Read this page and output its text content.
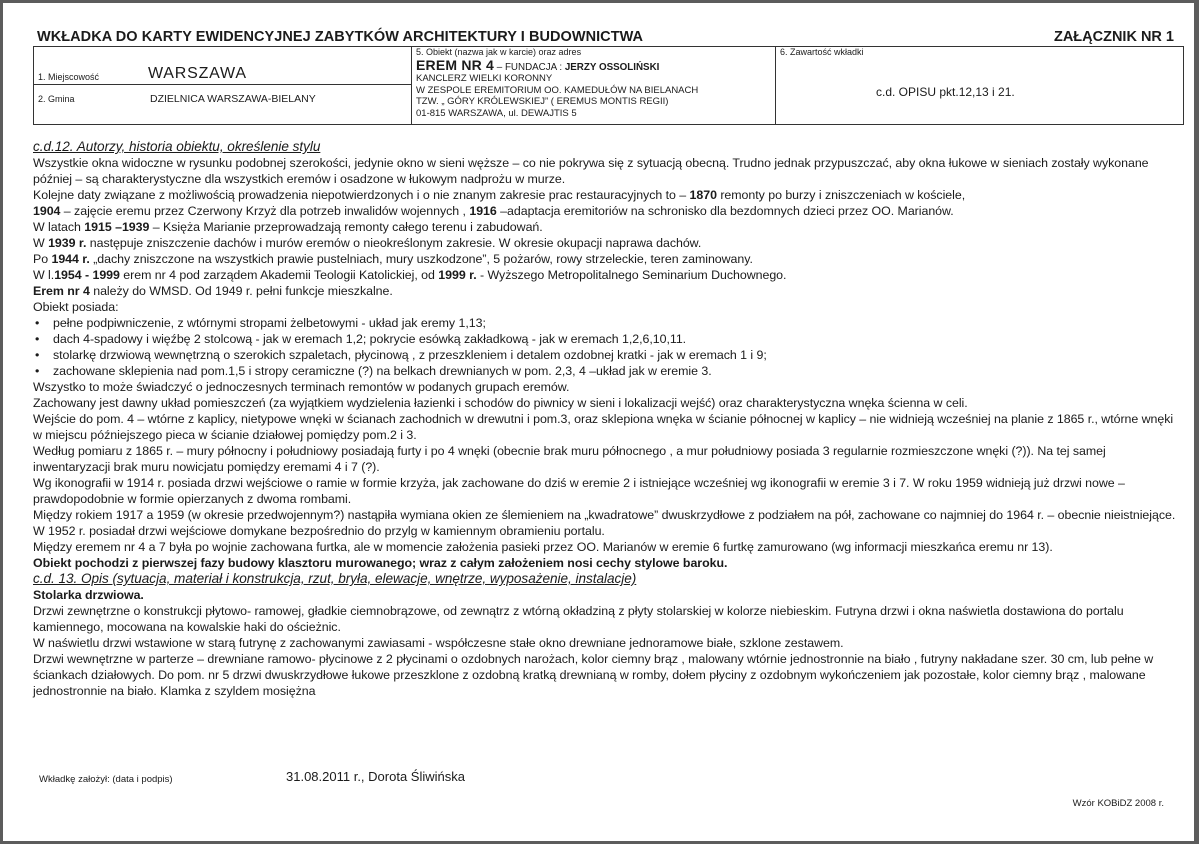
WKŁADKA DO KARTY EWIDENCYJNEJ ZABYTKÓW ARCHITEKTURY I BUDOWNICTWA	ZAŁĄCZNIK NR 1
1. Miejscowość	WARSZAWA

5. Obiekt (nazwa jak w karcie) oraz adres
EREM NR 4 – FUNDACJA : JERZY OSSOLIŃSKI
KANCLERZ WIELKI KORONNY
W ZESPOLE EREMITORIUM OO. KAMEDUŁÓW NA BIELANACH
TZW. „ GÓRY KRÓLEWSKIEJ” ( EREMUS MONTIS REGII)
01-815 WARSZAWA, ul. DEWAJTIS 5

6. Zawartość wkładki
c.d. OPISU pkt.12,13 i 21.

2. Gmina	DZIELNICA WARSZAWA-BIELANY

c.d.12. Autorzy, historia obiektu, określenie stylu

Wszystkie okna widoczne w rysunku podobnej szerokości, jedynie okno w sieni węższe – co nie pokrywa się z sytuacją obecną. Trudno jednak przypuszczać, aby okna łukowe w sieniach zostały wykonane później – są charakterystyczne dla wszystkich eremów i osadzone w łukowym nadprożu w murze.

Kolejne daty związane z możliwością prowadzenia niepotwierdzonych i o nie znanym zakresie prac restauracyjnych to – 1870 remonty po burzy i zniszczeniach w kościele,

1904 – zajęcie eremu przez Czerwony Krzyż dla potrzeb inwalidów wojennych , 1916 –adaptacja eremitoriów na schronisko dla bezdomnych dzieci przez OO. Marianów.

W latach 1915 –1939 – Księża Marianie przeprowadzają remonty całego terenu i zabudowań.

W 1939 r. następuje zniszczenie dachów i murów eremów o nieokreślonym zakresie. W okresie okupacji naprawa dachów.

Po 1944 r. „dachy zniszczone na wszystkich prawie pustelniach, mury uszkodzone”, 5 pożarów, rowy strzeleckie, teren zaminowany.

W l.1954 - 1999 erem nr 4 pod zarządem Akademii Teologii Katolickiej, od 1999 r. - Wyższego Metropolitalnego Seminarium Duchownego.

Erem nr 4 należy do WMSD. Od 1949 r. pełni funkcje mieszkalne.

Obiekt posiada:

• pełne podpiwniczenie, z wtórnymi stropami żelbetowymi - układ jak eremy 1,13;
• dach 4-spadowy i więźbę 2 stolcową - jak w eremach 1,2; pokrycie esówką zakładkową - jak w eremach 1,2,6,10,11.
• stolarkę drzwiową wewnętrzną o szerokich szpaletach, płycinową , z przeszkleniem i detalem ozdobnej kratki - jak w eremach 1 i 9;
• zachowane sklepienia nad pom.1,5 i stropy ceramiczne (?) na belkach drewnianych w pom. 2,3, 4 –układ jak w eremie 3.

Wszystko to może świadczyć o jednoczesnych terminach remontów w podanych grupach eremów.

Zachowany jest dawny układ pomieszczeń (za wyjątkiem wydzielenia łazienki i schodów do piwnicy w sieni i lokalizacji wejść) oraz charakterystyczna wnęka ścienna w celi.

Wejście do pom. 4 – wtórne z kaplicy, nietypowe wnęki w ścianach zachodnich w drewutni i pom.3, oraz sklepiona wnęka w ścianie północnej w kaplicy – nie widnieją wcześniej na planie z 1865 r., wtórne wnęki w miejscu późniejszego pieca w ścianie działowej pomiędzy pom.2 i 3.

Według pomiaru z 1865 r. – mury północny i południowy posiadają furty i po 4 wnęki (obecnie brak muru północnego , a mur południowy posiada 3 regularnie rozmieszczone wnęki (?)). Na tej samej inwentaryzacji brak muru nowicjatu pomiędzy eremami 4 i 7 (?).

Wg ikonografii w 1914 r. posiada drzwi wejściowe o ramie w formie krzyża, jak zachowane do dziś w eremie 2 i istniejące wcześniej wg ikonografii w eremie 3 i 7. W roku 1959 widnieją już drzwi nowe – prawdopodobnie w formie opierzanych z dwoma rombami.

Między rokiem 1917 a 1959 (w okresie przedwojennym?) nastąpiła wymiana okien ze ślemieniem na „kwadratowe” dwuskrzydłowe z podziałem na pół, zachowane co najmniej do 1964 r. – obecnie nieistniejące. W 1952 r. posiadał drzwi wejściowe domykane bezpośrednio do przylg w kamiennym obramieniu portalu.

Między eremem nr 4 a 7 była po wojnie zachowana furtka, ale w momencie założenia pasieki przez OO. Marianów w eremie 6 furtkę zamurowano (wg informacji mieszkańca eremu nr 13).

Obiekt pochodzi z pierwszej fazy budowy klasztoru murowanego; wraz z całym założeniem nosi cechy stylowe baroku.

c.d. 13. Opis (sytuacja, materiał i konstrukcja, rzut, bryła, elewacje, wnętrze, wyposażenie, instalacje)

Stolarka drzwiowa.

Drzwi zewnętrzne o konstrukcji płytowo- ramowej, gładkie ciemnobrązowe, od zewnątrz z wtórną okładziną z płyty stolarskiej w kolorze niebieskim. Futryna drzwi i okna naświetla dostawiona do portalu kamiennego, mocowana na kowalskie haki do ościeżnic.

W naświetlu drzwi wstawione w starą futrynę z zachowanymi zawiasami - współczesne stałe okno drewniane jednoramowe białe, szklone zestawem.

Drzwi wewnętrzne w parterze – drewniane ramowo- płycinowe z 2 płycinami o ozdobnych narożach, kolor ciemny brąz , malowany wtórnie jednostronnie na biało , futryny nakładane szer. 30 cm, lub pełne w ściankach działowych. Do pom. nr 5 drzwi dwuskrzydłowe łukowe przeszklone z ozdobną kratką drewnianą w romby, dołem płyciny z ozdobnym wykończeniem jak pozostałe, kolor ciemny brąz , malowane jednostronnie na biało. Klamka z szyldem mosiężna

Wkładkę założył: (data i podpis)	31.08.2011 r., Dorota Śliwińska
Wzór KOBiDZ 2008 r.
